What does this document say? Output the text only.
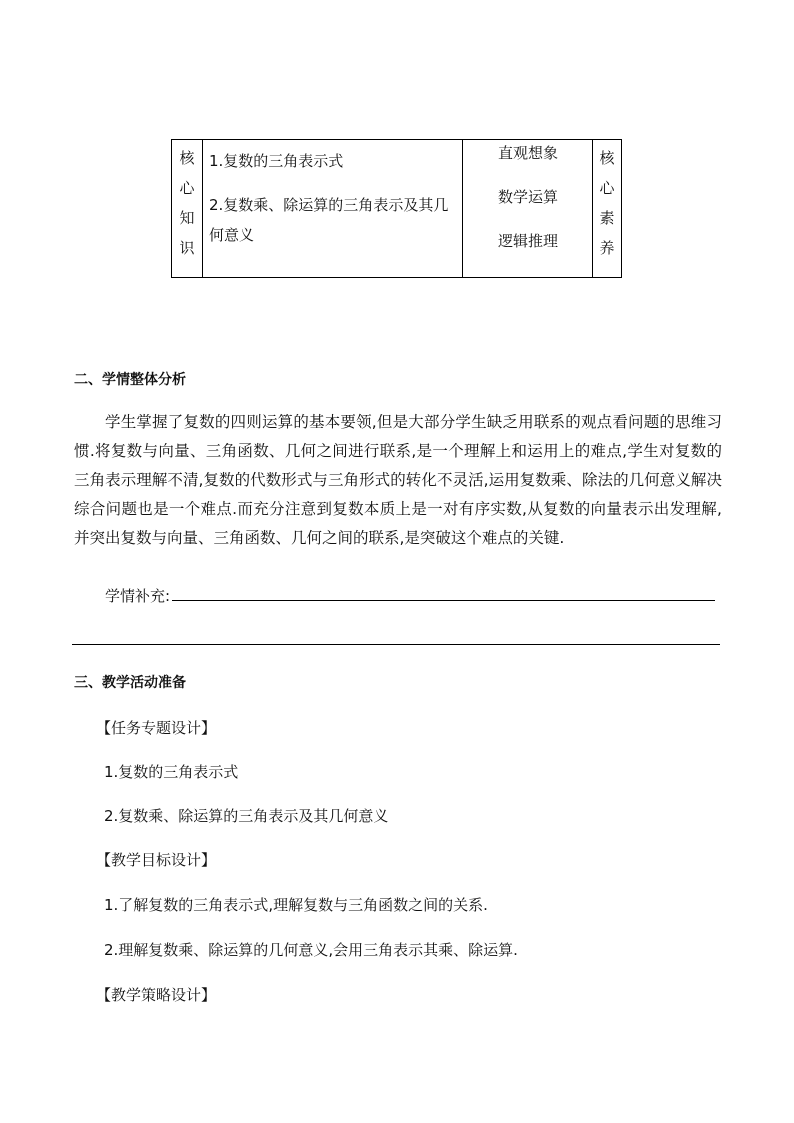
核
心
知
识
1.复数的三角表示式
2.复数乘、除运算的三角表示及其几何意义
直观想象
数学运算
逻辑推理
核
心
素
养
二、学情整体分析
学生掌握了复数的四则运算的基本要领,但是大部分学生缺乏用联系的观点看问题的思维习惯.将复数与向量、三角函数、几何之间进行联系,是一个理解上和运用上的难点,学生对复数的三角表示理解不清,复数的代数形式与三角形式的转化不灵活,运用复数乘、除法的几何意义解决综合问题也是一个难点.而充分注意到复数本质上是一对有序实数,从复数的向量表示出发理解,并突出复数与向量、三角函数、几何之间的联系,是突破这个难点的关键.
学情补充:
三、教学活动准备
【任务专题设计】
1.复数的三角表示式
2.复数乘、除运算的三角表示及其几何意义
【教学目标设计】
1.了解复数的三角表示式,理解复数与三角函数之间的关系.
2.理解复数乘、除运算的几何意义,会用三角表示其乘、除运算.
【教学策略设计】
